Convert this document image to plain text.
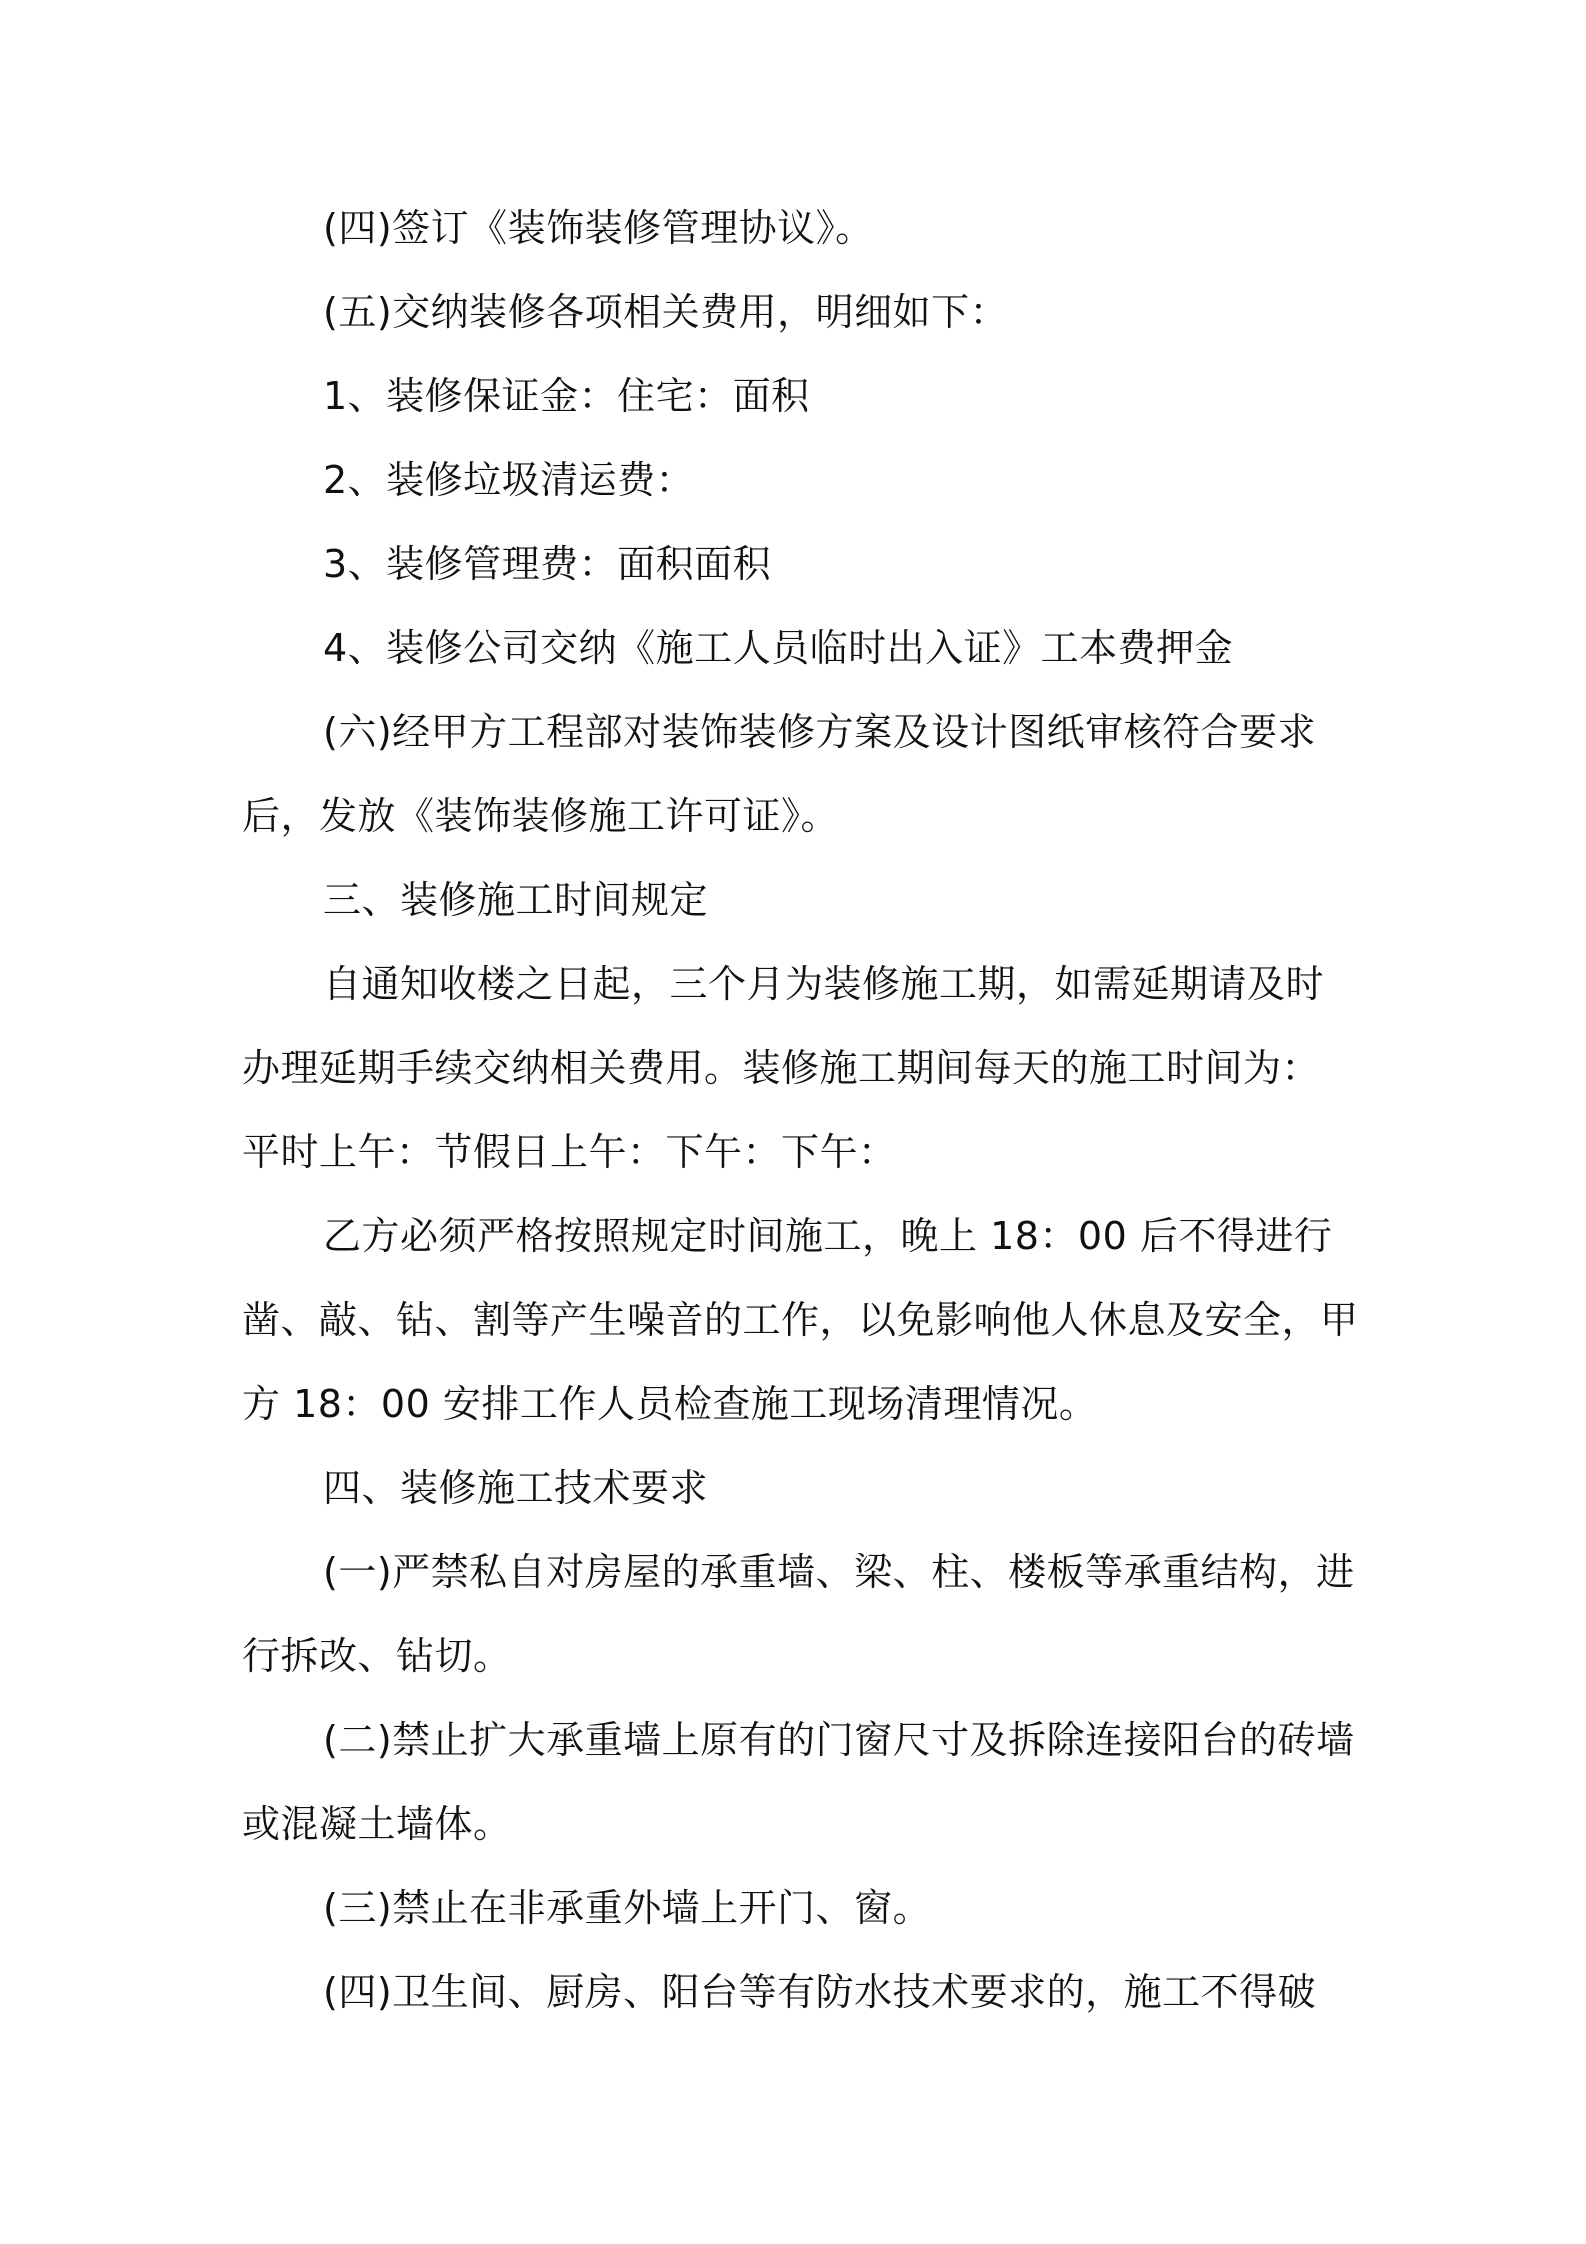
(四)签订《装饰装修管理协议》。

(五)交纳装修各项相关费用，明细如下：

1、装修保证金：住宅：面积

2、装修垃圾清运费：

3、装修管理费：面积面积

4、装修公司交纳《施工人员临时出入证》工本费押金

(六)经甲方工程部对装饰装修方案及设计图纸审核符合要求后，发放《装饰装修施工许可证》。

三、装修施工时间规定

自通知收楼之日起，三个月为装修施工期，如需延期请及时办理延期手续交纳相关费用。装修施工期间每天的施工时间为：

平时上午：节假日上午：下午：下午：

乙方必须严格按照规定时间施工，晚上 18：00 后不得进行凿、敲、钻、割等产生噪音的工作，以免影响他人休息及安全，甲方 18：00 安排工作人员检查施工现场清理情况。

四、装修施工技术要求

(一)严禁私自对房屋的承重墙、梁、柱、楼板等承重结构，进行拆改、钻切。

(二)禁止扩大承重墙上原有的门窗尺寸及拆除连接阳台的砖墙或混凝土墙体。

(三)禁止在非承重外墙上开门、窗。

(四)卫生间、厨房、阳台等有防水技术要求的，施工不得破
